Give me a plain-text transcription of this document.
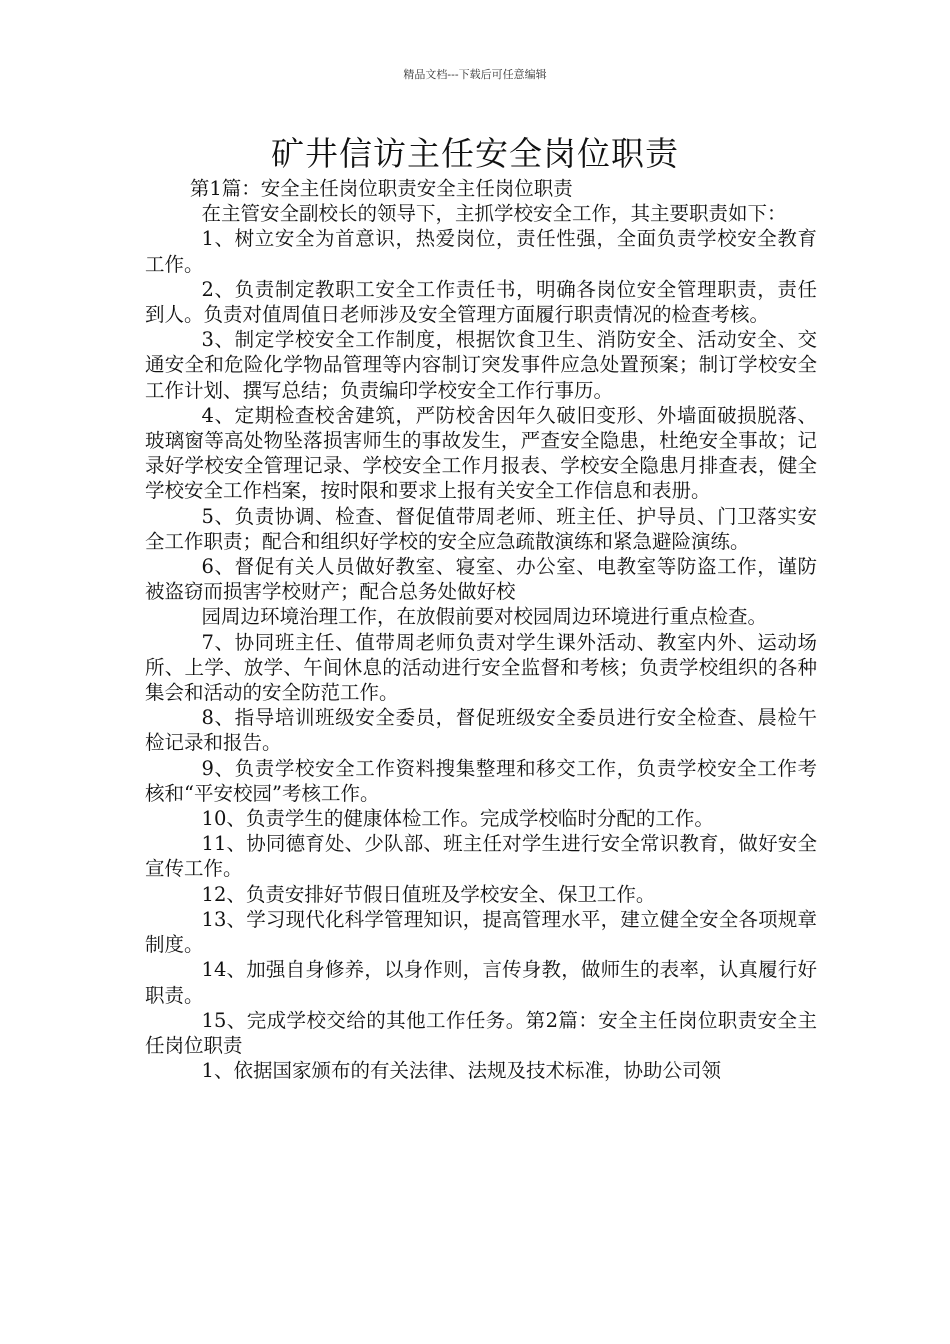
精品文档---下载后可任意编辑
矿井信访主任安全岗位职责

第1篇：安全主任岗位职责安全主任岗位职责

在主管安全副校长的领导下，主抓学校安全工作，其主要职责如下：

1、树立安全为首意识，热爱岗位，责任性强，全面负责学校安全教育工作。

2、负责制定教职工安全工作责任书，明确各岗位安全管理职责，责任到人。负责对值周值日老师涉及安全管理方面履行职责情况的检查考核。

3、制定学校安全工作制度，根据饮食卫生、消防安全、活动安全、交通安全和危险化学物品管理等内容制订突发事件应急处置预案；制订学校安全工作计划、撰写总结；负责编印学校安全工作行事历。

4、定期检查校舍建筑，严防校舍因年久破旧变形、外墙面破损脱落、玻璃窗等高处物坠落损害师生的事故发生，严查安全隐患，杜绝安全事故；记录好学校安全管理记录、学校安全工作月报表、学校安全隐患月排查表，健全学校安全工作档案，按时限和要求上报有关安全工作信息和表册。

5、负责协调、检查、督促值带周老师、班主任、护导员、门卫落实安全工作职责；配合和组织好学校的安全应急疏散演练和紧急避险演练。

6、督促有关人员做好教室、寝室、办公室、电教室等防盗工作，谨防被盗窃而损害学校财产；配合总务处做好校

园周边环境治理工作，在放假前要对校园周边环境进行重点检查。

7、协同班主任、值带周老师负责对学生课外活动、教室内外、运动场所、上学、放学、午间休息的活动进行安全监督和考核；负责学校组织的各种集会和活动的安全防范工作。

8、指导培训班级安全委员，督促班级安全委员进行安全检查、晨检午检记录和报告。

9、负责学校安全工作资料搜集整理和移交工作，负责学校安全工作考核和“平安校园”考核工作。

10、负责学生的健康体检工作。完成学校临时分配的工作。

11、协同德育处、少队部、班主任对学生进行安全常识教育，做好安全宣传工作。

12、负责安排好节假日值班及学校安全、保卫工作。

13、学习现代化科学管理知识，提高管理水平，建立健全安全各项规章制度。

14、加强自身修养，以身作则，言传身教，做师生的表率，认真履行好职责。

15、完成学校交给的其他工作任务。第2篇：安全主任岗位职责安全主任岗位职责

1、依据国家颁布的有关法律、法规及技术标准，协助公司领
